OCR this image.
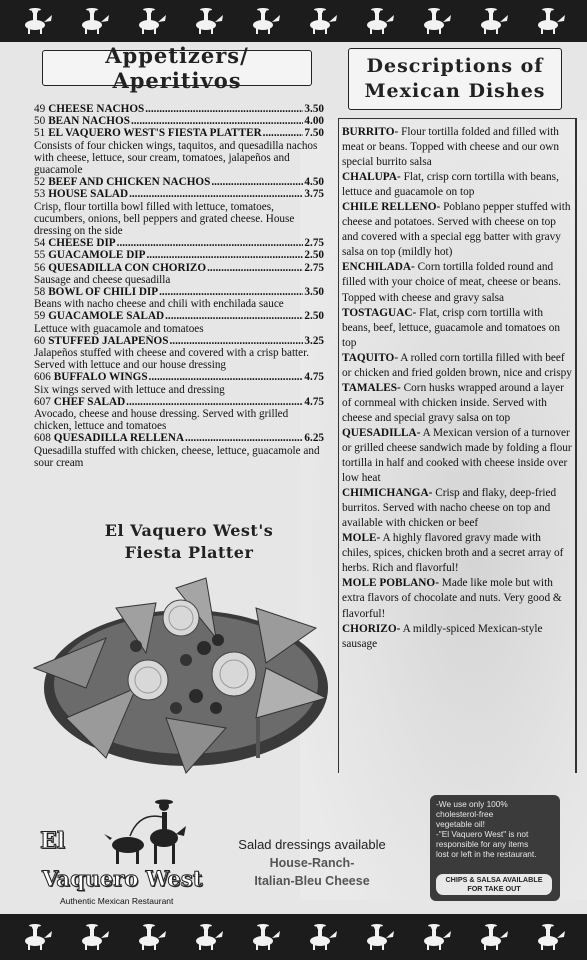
Appetizers/ Aperitivos
Descriptions of
Mexican Dishes
49 CHEESE NACHOS .....	3.50
50 BEAN NACHOS .....	4.00
51 EL VAQUERO WEST'S FIESTA PLATTER .....	7.50
Consists of four chicken wings, taquitos, and quesadilla nachos with cheese, lettuce, sour cream, tomatoes, jalapeños and guacamole
52 BEEF AND CHICKEN NACHOS .....	4.50
53 HOUSE SALAD .....	3.75
Crisp, flour tortilla bowl filled with lettuce, tomatoes, cucumbers, onions, bell peppers and grated cheese. House dressing on the side
54 CHEESE DIP .....	2.75
55 GUACAMOLE DIP .....	2.50
56 QUESADILLA CON CHORIZO .....	2.75
Sausage and cheese quesadilla
58 BOWL OF CHILI DIP .....	3.50
Beans with nacho cheese and chili with enchilada sauce
59 GUACAMOLE SALAD .....	2.50
Lettuce with guacamole and tomatoes
60 STUFFED JALAPEÑOS .....	3.25
Jalapeños stuffed with cheese and covered with a crisp batter. Served with lettuce and our house dressing
606 BUFFALO WINGS .....	4.75
Six wings served with lettuce and dressing
607 CHEF SALAD .....	4.75
Avocado, cheese and house dressing. Served with grilled chicken, lettuce and tomatoes
608 QUESADILLA RELLENA .....	6.25
Quesadilla stuffed with chicken, cheese, lettuce, guacamole and sour cream
BURRITO- Flour tortilla folded and filled with meat or beans. Topped with cheese and our own special burrito salsa
CHALUPA- Flat, crisp corn tortilla with beans, lettuce and guacamole on top
CHILE RELLENO- Poblano pepper stuffed with cheese and potatoes. Served with cheese on top and covered with a special egg batter with gravy salsa on top (mildly hot)
ENCHILADA- Corn tortilla folded round and filled with your choice of meat, cheese or beans. Topped with cheese and gravy salsa
TOSTAGUAC- Flat, crisp corn tortilla with beans, beef, lettuce, guacamole and tomatoes on top
TAQUITO- A rolled corn tortilla filled with beef or chicken and fried golden brown, nice and crispy
TAMALES- Corn husks wrapped around a layer of cornmeal with chicken inside. Served with cheese and special gravy salsa on top
QUESADILLA- A Mexican version of a turnover or grilled cheese sandwich made by folding a flour tortilla in half and cooked with cheese inside over low heat
CHIMICHANGA- Crisp and flaky, deep-fried burritos. Served with nacho cheese on top and available with chicken or beef
MOLE- A highly flavored gravy made with chiles, spices, chicken broth and a secret array of herbs. Rich and flavorful!
MOLE POBLANO- Made like mole but with extra flavors of chocolate and nuts. Very good & flavorful!
CHORIZO- A mildly-spiced Mexican-style sausage
El Vaquero West's
Fiesta Platter
El
Vaquero West
Authentic Mexican Restaurant
Salad dressings available
House-Ranch-
Italian-Bleu Cheese
-We use only 100%
cholesterol-free
vegetable oil!
-"El Vaquero West" is not
responsible for any items
lost or left in the restaurant.
CHIPS & SALSA AVAILABLE
FOR TAKE OUT
